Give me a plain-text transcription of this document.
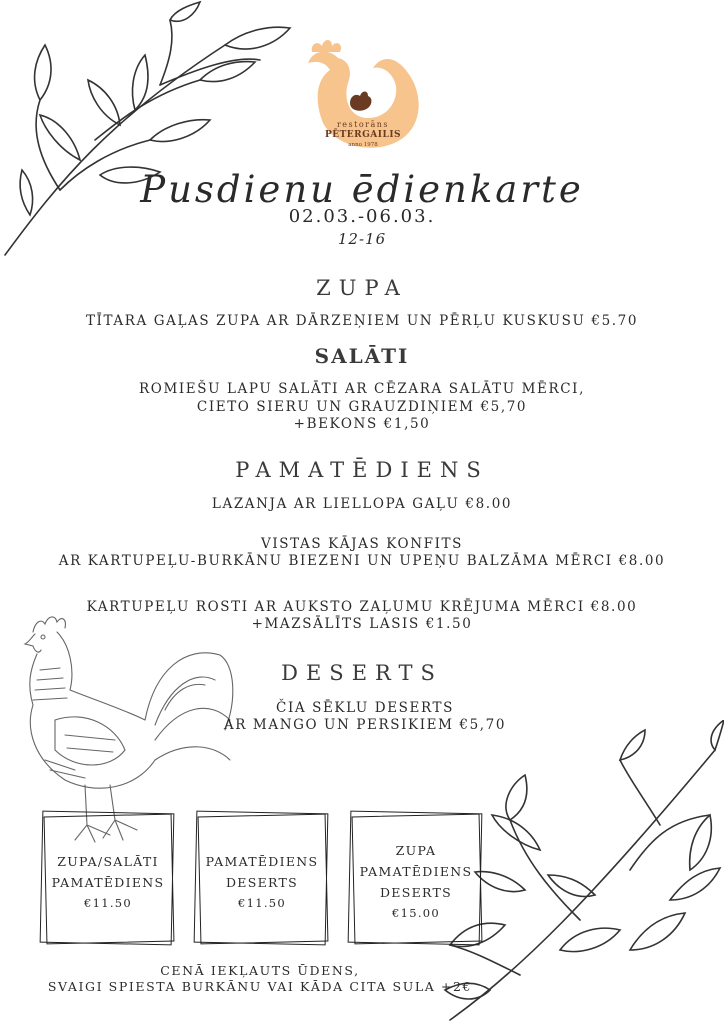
restorāns
PĒTERGAILIS
anno 1978
Pusdienu ēdienkarte
02.03.-06.03.
12-16
ZUPA
TĪTARA GAĻAS ZUPA AR DĀRZEŅIEM UN PĒRĻU KUSKUSU €5.70
SALĀTI
ROMIEŠU LAPU SALĀTI AR CĒZARA SALĀTU MĒRCI,
CIETO SIERU UN GRAUZDIŅIEM €5,70
+BEKONS €1,50
PAMATĒDIENS
LAZANJA AR LIELLOPA GAĻU €8.00
VISTAS KĀJAS KONFITS
AR KARTUPEĻU-BURKĀNU BIEZENI UN UPEŅU BALZĀMA MĒRCI €8.00
KARTUPEĻU ROSTI AR AUKSTO ZAĻUMU KRĒJUMA MĒRCI €8.00
+MAZSĀLĪTS LASIS €1.50
DESERTS
ČIA SĒKLU DESERTS
AR MANGO UN PERSIKIEM €5,70
ZUPA/SALĀTI
PAMATĒDIENS
€11.50
PAMATĒDIENS
DESERTS
€11.50
ZUPA
PAMATĒDIENS
DESERTS
€15.00
CENĀ IEKĻAUTS ŪDENS,
SVAIGI SPIESTA BURKĀNU VAI KĀDA CITA SULA +2€
